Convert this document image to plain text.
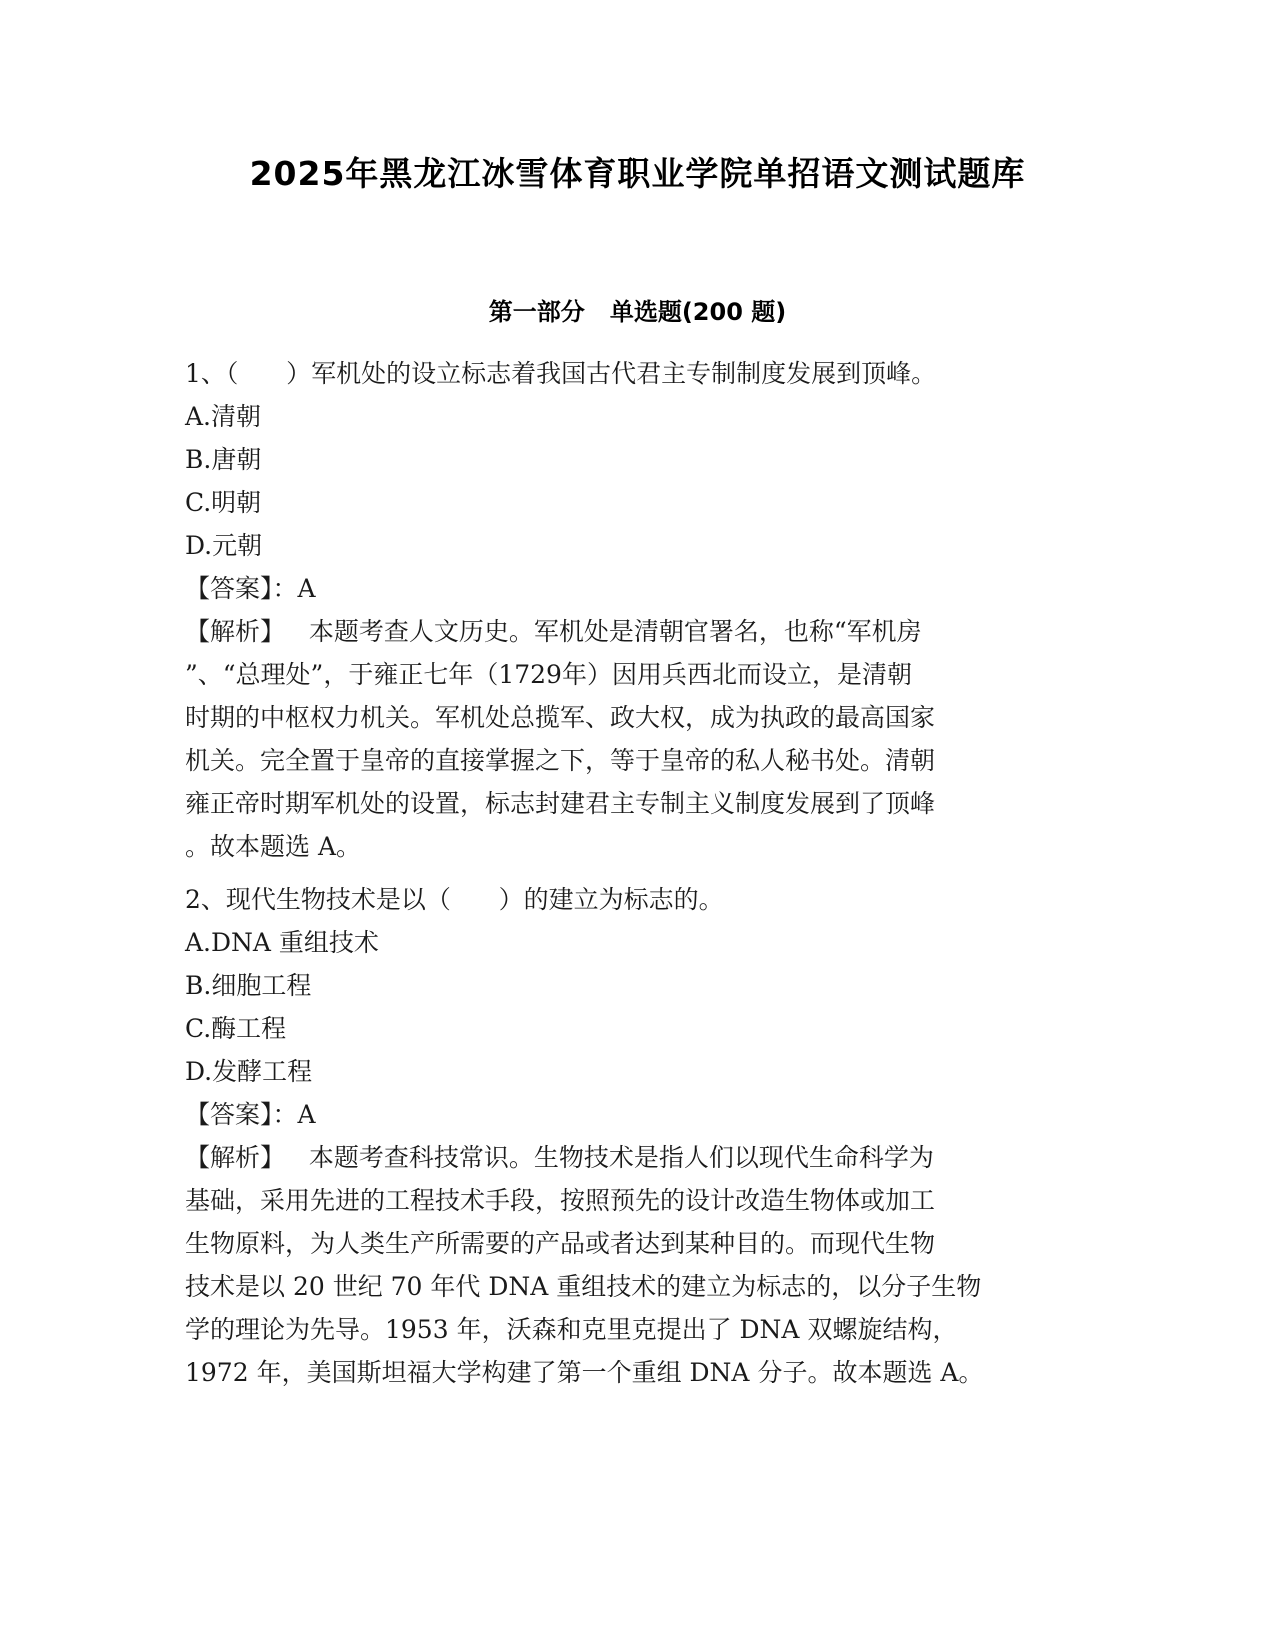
2025年黑龙江冰雪体育职业学院单招语文测试题库
第一部分   单选题(200 题)
1、（      ）军机处的设立标志着我国古代君主专制制度发展到顶峰。
A.清朝
B.唐朝
C.明朝
D.元朝
【答案】：A
【解析】   本题考查人文历史。军机处是清朝官署名，也称“军机房
”、“总理处”，于雍正七年（1729年）因用兵西北而设立，是清朝
时期的中枢权力机关。军机处总揽军、政大权，成为执政的最高国家
机关。完全置于皇帝的直接掌握之下，等于皇帝的私人秘书处。清朝
雍正帝时期军机处的设置，标志封建君主专制主义制度发展到了顶峰
。故本题选 A。
2、现代生物技术是以（      ）的建立为标志的。
A.DNA 重组技术
B.细胞工程
C.酶工程
D.发酵工程
【答案】：A
【解析】   本题考查科技常识。生物技术是指人们以现代生命科学为
基础，采用先进的工程技术手段，按照预先的设计改造生物体或加工
生物原料，为人类生产所需要的产品或者达到某种目的。而现代生物
技术是以 20 世纪 70 年代 DNA 重组技术的建立为标志的，以分子生物
学的理论为先导。1953 年，沃森和克里克提出了 DNA 双螺旋结构，
1972 年，美国斯坦福大学构建了第一个重组 DNA 分子。故本题选 A。
